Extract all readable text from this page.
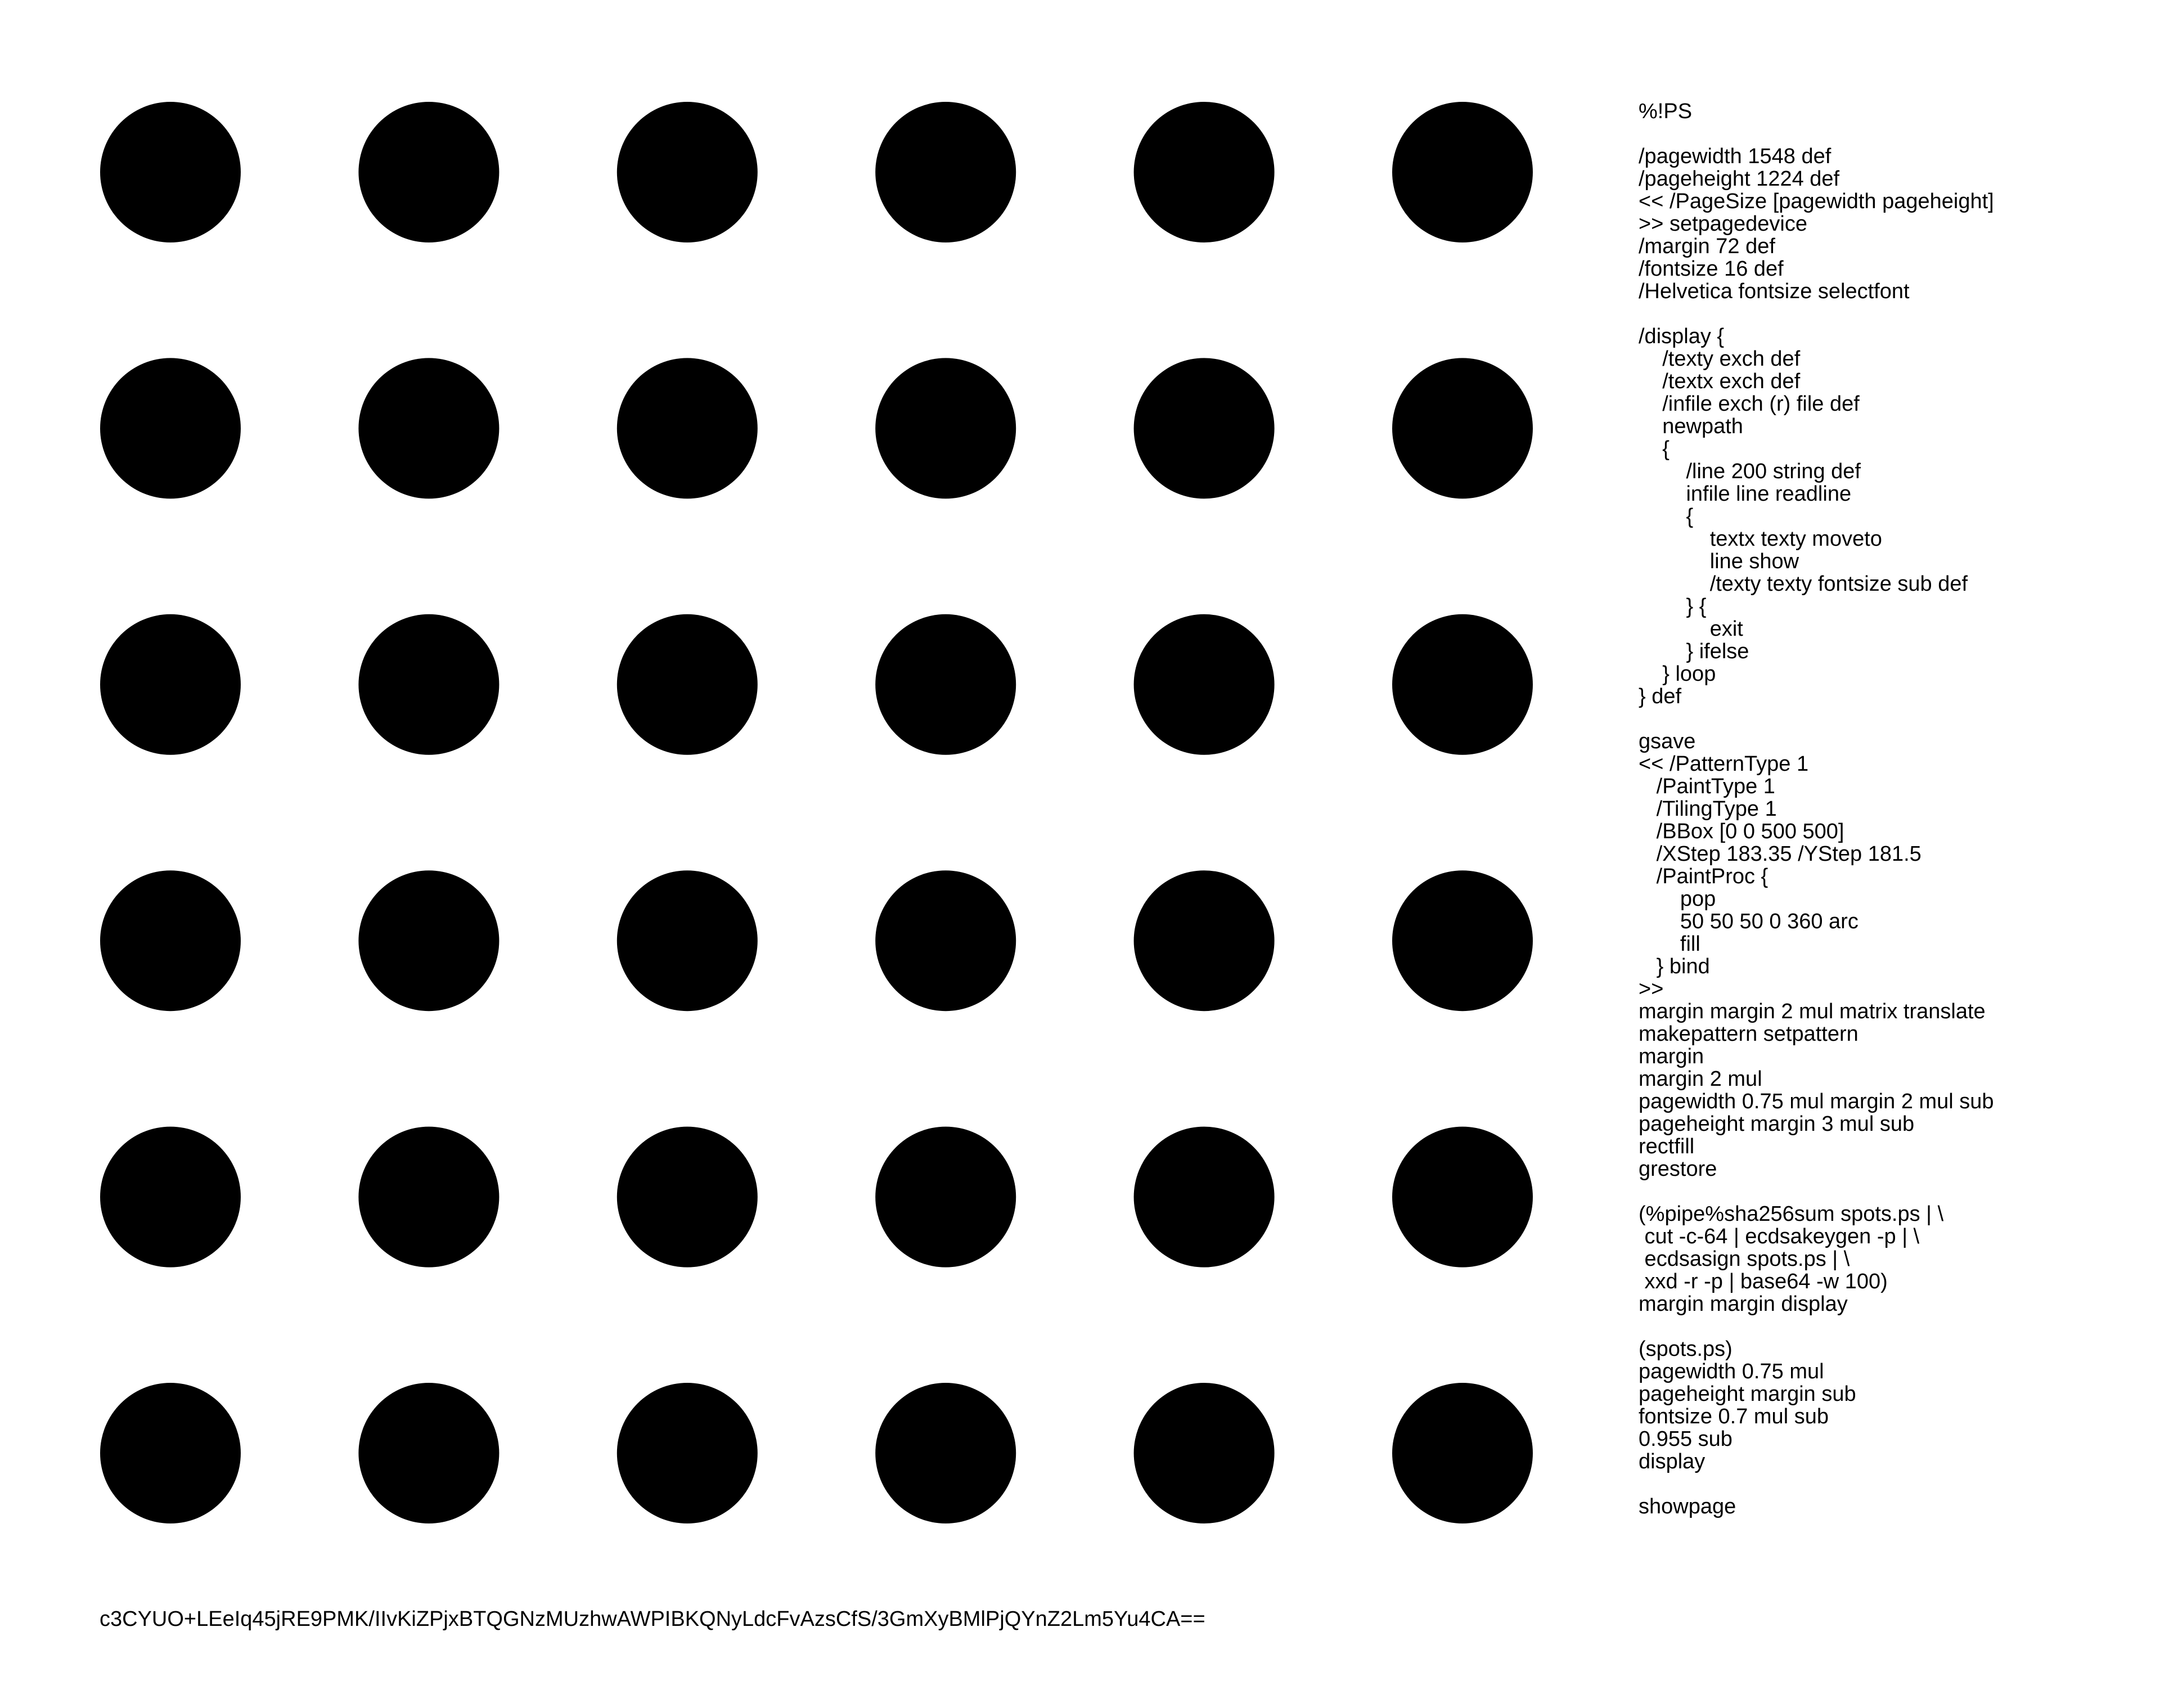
%!PS

/pagewidth 1548 def
/pageheight 1224 def
<< /PageSize [pagewidth pageheight]
>> setpagedevice
/margin 72 def
/fontsize 16 def
/Helvetica fontsize selectfont

/display {
/texty exch def
/textx exch def
/infile exch (r) file def
newpath
{
/line 200 string def
infile line readline
{
textx texty moveto
line show
/texty texty fontsize sub def
} {
exit
} ifelse
} loop
} def

gsave
<< /PatternType 1
/PaintType 1
/TilingType 1
/BBox [0 0 500 500]
/XStep 183.35 /YStep 181.5
/PaintProc {
pop
50 50 50 0 360 arc
fill
} bind
>>
margin margin 2 mul matrix translate
makepattern setpattern
margin
margin 2 mul
pagewidth 0.75 mul margin 2 mul sub
pageheight margin 3 mul sub
rectfill
grestore

(%pipe%sha256sum spots.ps | \
cut -c-64 | ecdsakeygen -p | \
ecdsasign spots.ps | \
xxd -r -p | base64 -w 100)
margin margin display

(spots.ps)
pagewidth 0.75 mul
pageheight margin sub
fontsize 0.7 mul sub
0.955 sub
display

showpage
c3CYUO+LEeIq45jRE9PMK/IIvKiZPjxBTQGNzMUzhwAWPIBKQNyLdcFvAzsCfS/3GmXyBMlPjQYnZ2Lm5Yu4CA==
